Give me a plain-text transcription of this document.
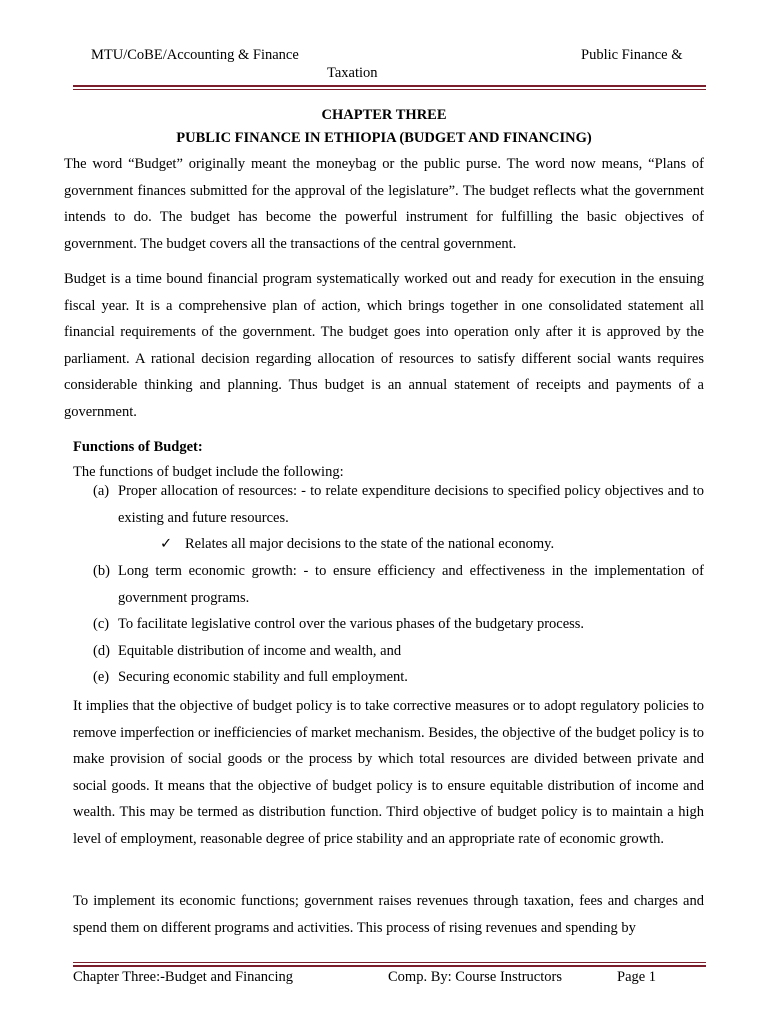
MTU/CoBE/Accounting & Finance	Public Finance &
Taxation
CHAPTER THREE
PUBLIC FINANCE IN ETHIOPIA (BUDGET AND FINANCING)
The word “Budget” originally meant the moneybag or the public purse. The word now means, “Plans of government finances submitted for the approval of the legislature”. The budget reflects what the government intends to do. The budget has become the powerful instrument for fulfilling the basic objectives of government. The budget covers all the transactions of the central government.
Budget is a time bound financial program systematically worked out and ready for execution in the ensuing fiscal year. It is a comprehensive plan of action, which brings together in one consolidated statement all financial requirements of the government. The budget goes into operation only after it is approved by the parliament. A rational decision regarding allocation of resources to satisfy different social wants requires considerable thinking and planning. Thus budget is an annual statement of receipts and payments of a government.
Functions of Budget:
The functions of budget include the following:
(a) Proper allocation of resources: - to relate expenditure decisions to specified policy objectives and to existing and future resources.
✓ Relates all major decisions to the state of the national economy.
(b) Long term economic growth: - to ensure efficiency and effectiveness in the implementation of government programs.
(c) To facilitate legislative control over the various phases of the budgetary process.
(d) Equitable distribution of income and wealth, and
(e) Securing economic stability and full employment.
It implies that the objective of budget policy is to take corrective measures or to adopt regulatory policies to remove imperfection or inefficiencies of market mechanism. Besides, the objective of the budget policy is to make provision of social goods or the process by which total resources are divided between private and social goods. It means that the objective of budget policy is to ensure equitable distribution of income and wealth. This may be termed as distribution function. Third objective of budget policy is to maintain a high level of employment, reasonable degree of price stability and an appropriate rate of economic growth.
To implement its economic functions; government raises revenues through taxation, fees and charges and spend them on different programs and activities. This process of rising revenues and spending by
Chapter Three:-Budget and Financing	Comp. By: Course Instructors	Page 1
